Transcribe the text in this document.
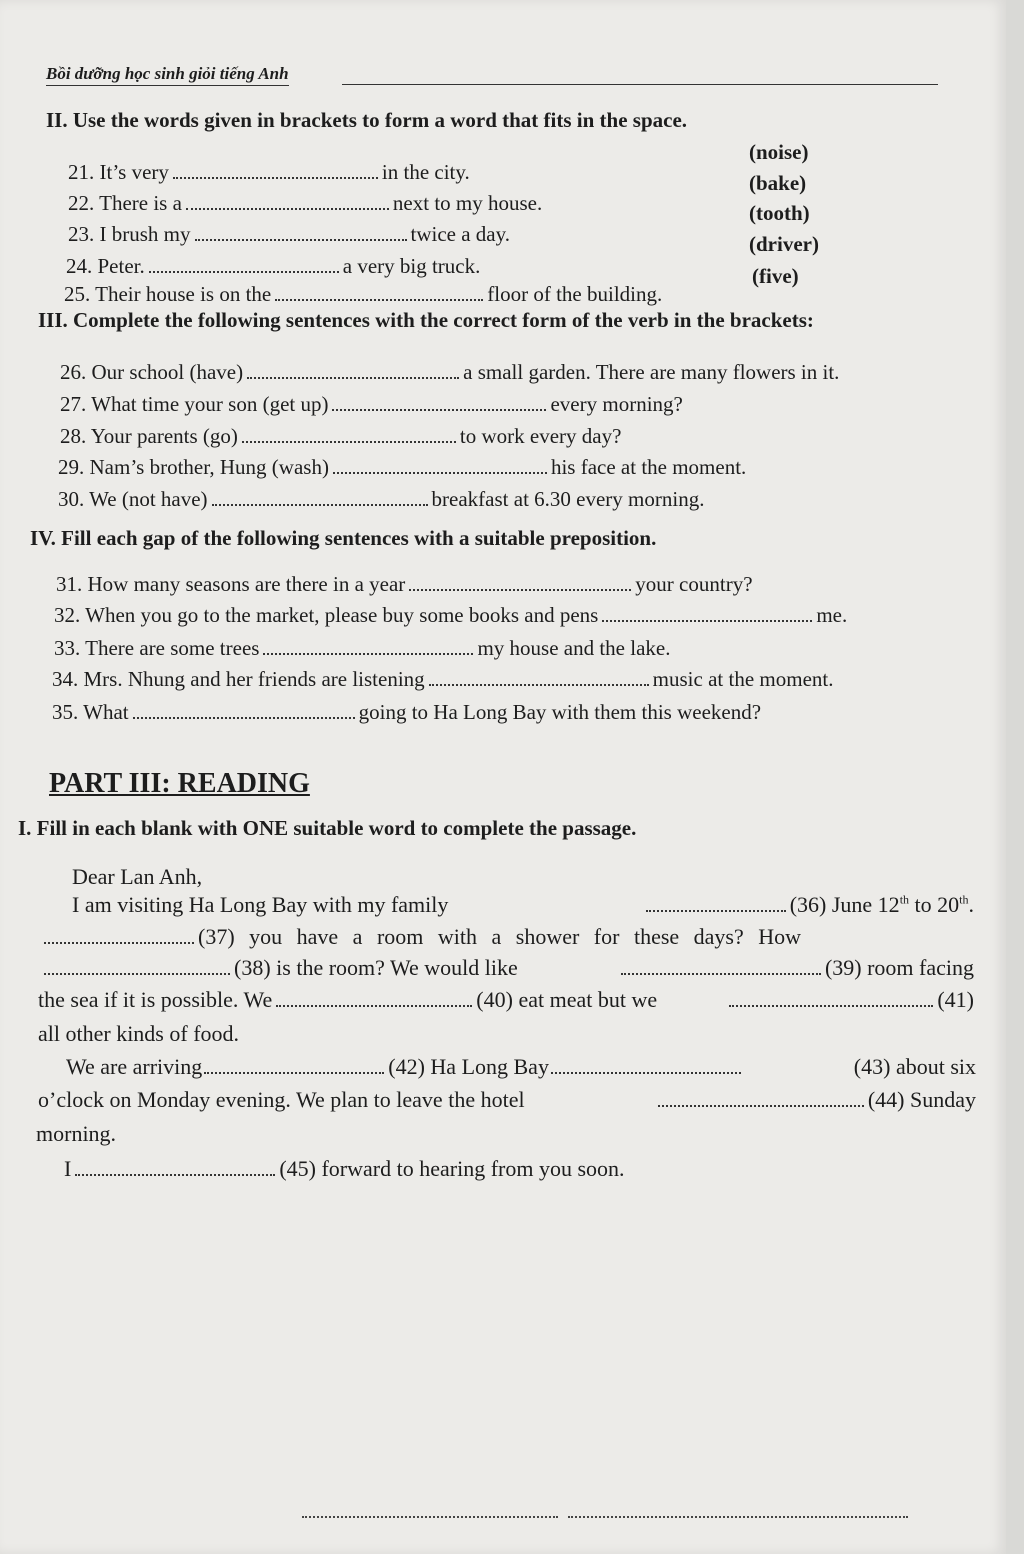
Bồi dưỡng học sinh giỏi tiếng Anh
II. Use the words given in brackets to form a word that fits in the space.
21. It’s very	in the city.
(noise)
22. There is a	next to my house.
(bake)
23. I brush my	twice a day.
(tooth)
24. Peter.	a very big truck.
(driver)
25. Their house is on the	floor of the building.
(five)
III. Complete the following sentences with the correct form of the verb in the brackets:
26. Our school (have)	a small garden. There are many flowers in it.
27. What time your son (get up)	every morning?
28. Your parents (go)	to work every day?
29. Nam’s brother, Hung (wash)	his face at the moment.
30. We (not have)	breakfast at 6.30 every morning.
IV. Fill each gap of the following sentences with a suitable preposition.
31. How many seasons are there in a year	your country?
32. When you go to the market, please buy some books and pens	me.
33. There are some trees	my house and the lake.
34. Mrs. Nhung and her friends are listening	music at the moment.
35. What	going to Ha Long Bay with them this weekend?
PART III: READING
I. Fill in each blank with ONE suitable word to complete the passage.
Dear Lan Anh,
I am visiting Ha Long Bay with my family	(36) June 12th to 20th.
(37) you have a room with a shower for these days? How
(38) is the room? We would like	(39) room facing
the sea if it is possible. We	(40) eat meat but we	(41)
all other kinds of food.
We are arriving	(42) Ha Long Bay	(43) about six
o’clock on Monday evening. We plan to leave the hotel	(44) Sunday
morning.
I	(45) forward to hearing from you soon.
